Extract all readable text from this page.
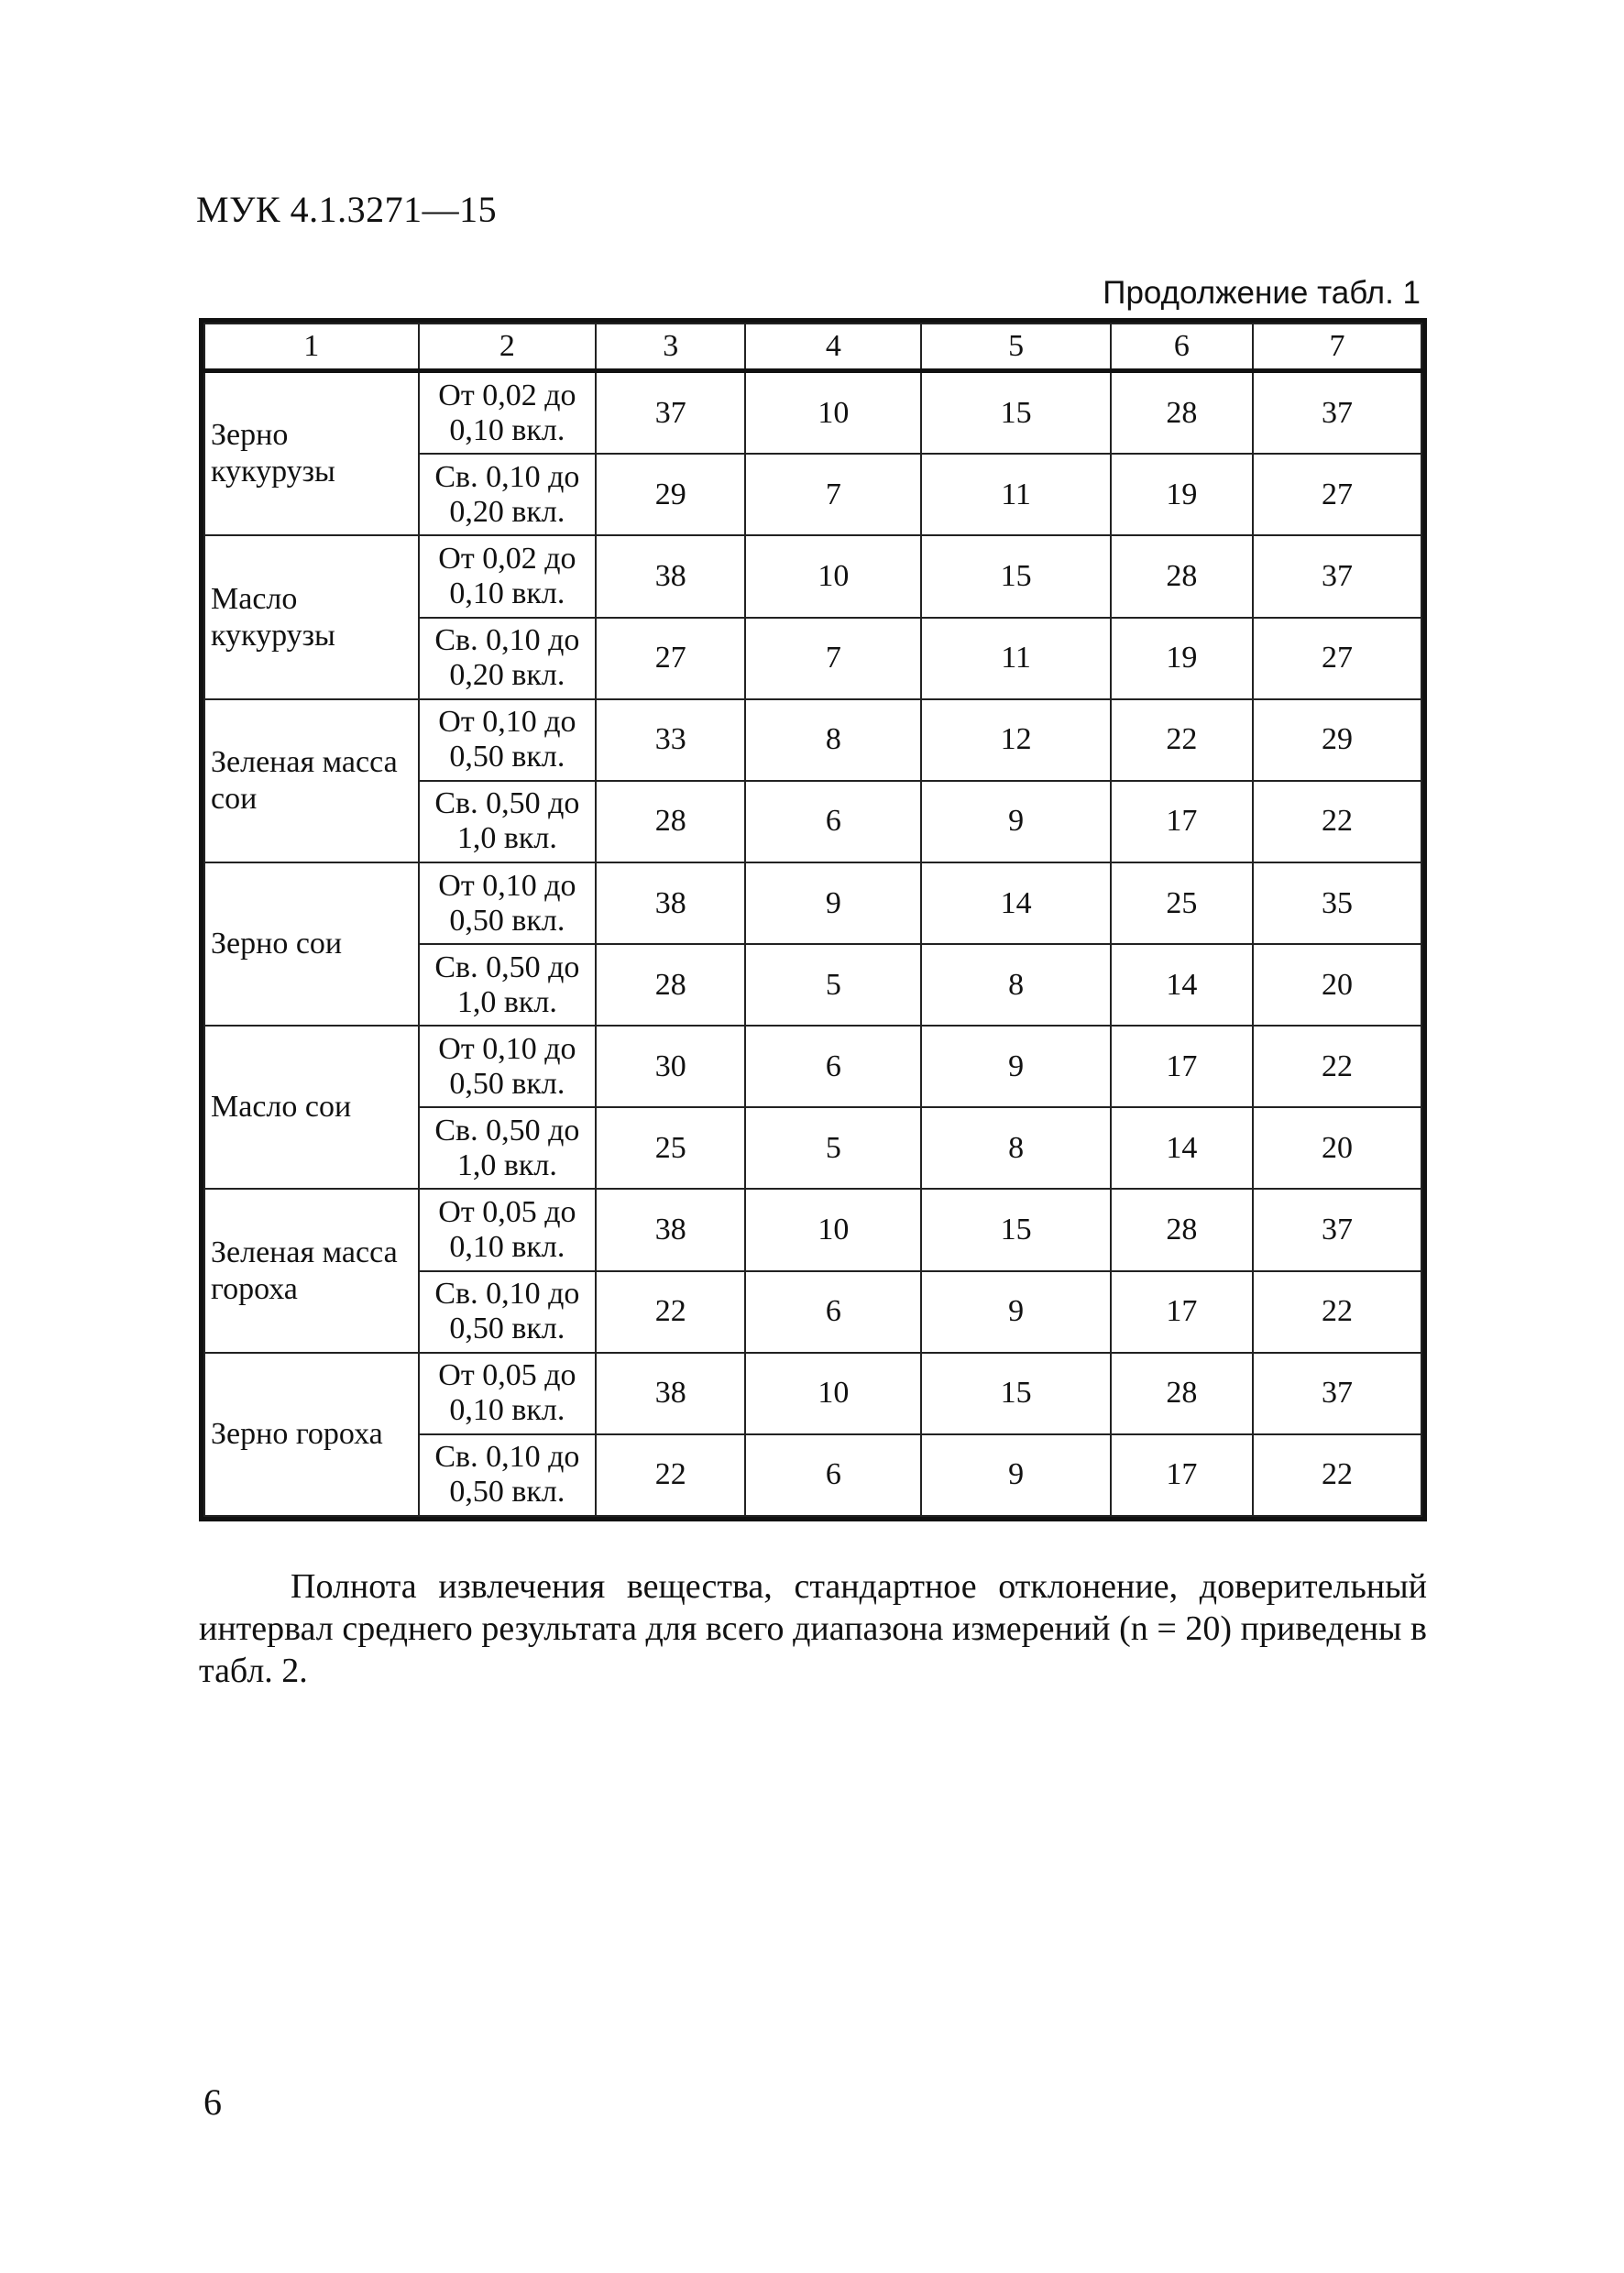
МУК 4.1.3271—15
Продолжение табл. 1
1	2	3	4	5	6	7
Зерно кукурузы	От 0,02 до 0,10 вкл.	37	10	15	28	37
	Св. 0,10 до 0,20 вкл.	29	7	11	19	27
Масло кукурузы	От 0,02 до 0,10 вкл.	38	10	15	28	37
	Св. 0,10 до 0,20 вкл.	27	7	11	19	27
Зеленая масса сои	От 0,10 до 0,50 вкл.	33	8	12	22	29
	Св. 0,50 до 1,0 вкл.	28	6	9	17	22
Зерно сои	От 0,10 до 0,50 вкл.	38	9	14	25	35
	Св. 0,50 до 1,0 вкл.	28	5	8	14	20
Масло сои	От 0,10 до 0,50 вкл.	30	6	9	17	22
	Св. 0,50 до 1,0 вкл.	25	5	8	14	20
Зеленая масса гороха	От 0,05 до 0,10 вкл.	38	10	15	28	37
	Св. 0,10 до 0,50 вкл.	22	6	9	17	22
Зерно гороха	От 0,05 до 0,10 вкл.	38	10	15	28	37
	Св. 0,10 до 0,50 вкл.	22	6	9	17	22
Полнота извлечения вещества, стандартное отклонение, доверительный интервал среднего результата для всего диапазона измерений (n = 20) приведены в табл. 2.
6
